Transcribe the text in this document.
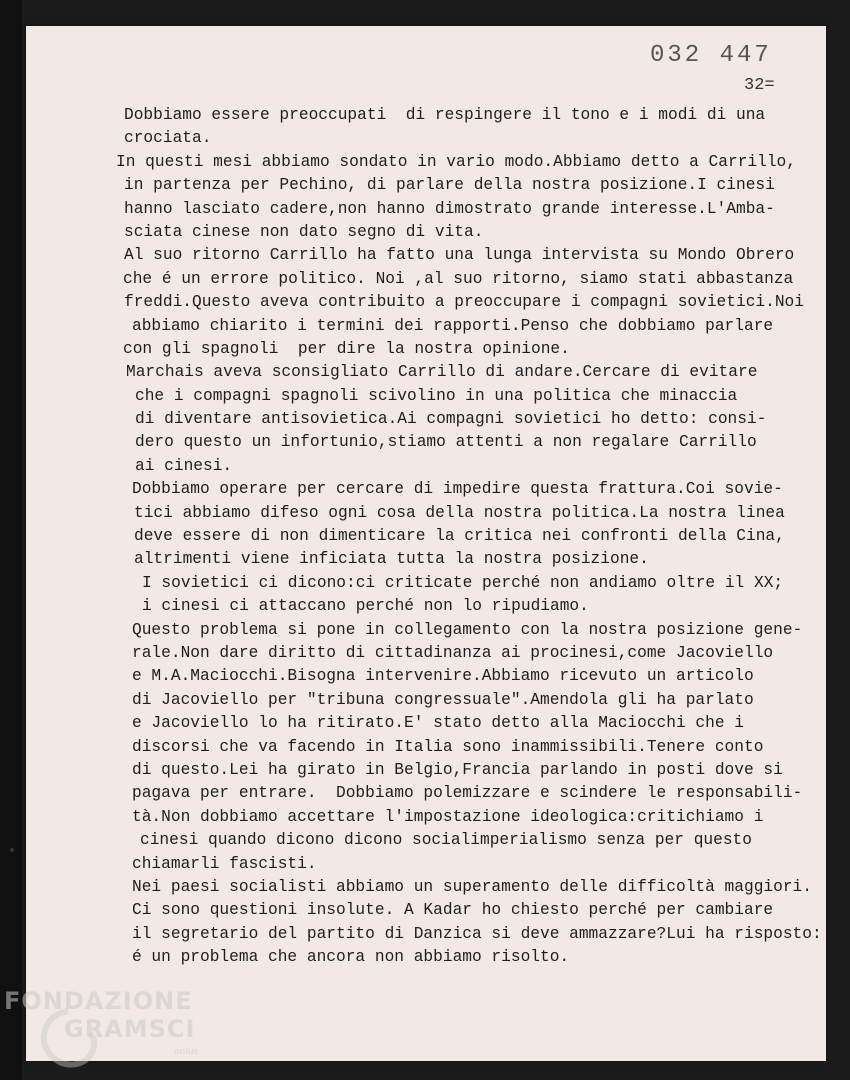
032 447
32=
Dobbiamo essere preoccupati  di respingere il tono e i modi di una
crociata.
In questi mesi abbiamo sondato in vario modo.Abbiamo detto a Carrillo,
in partenza per Pechino, di parlare della nostra posizione.I cinesi
hanno lasciato cadere,non hanno dimostrato grande interesse.L'Amba-
sciata cinese non dato segno di vita.
Al suo ritorno Carrillo ha fatto una lunga intervista su Mondo Obrero
che é un errore politico. Noi ,al suo ritorno, siamo stati abbastanza
freddi.Questo aveva contribuito a preoccupare i compagni sovietici.Noi
abbiamo chiarito i termini dei rapporti.Penso che dobbiamo parlare
con gli spagnoli  per dire la nostra opinione.
Marchais aveva sconsigliato Carrillo di andare.Cercare di evitare
che i compagni spagnoli scivolino in una politica che minaccia
di diventare antisovietica.Ai compagni sovietici ho detto: consi-
dero questo un infortunio,stiamo attenti a non regalare Carrillo
ai cinesi.
Dobbiamo operare per cercare di impedire questa frattura.Coi sovie-
tici abbiamo difeso ogni cosa della nostra politica.La nostra linea
deve essere di non dimenticare la critica nei confronti della Cina,
altrimenti viene inficiata tutta la nostra posizione.
I sovietici ci dicono:ci criticate perché non andiamo oltre il XX;
i cinesi ci attaccano perché non lo ripudiamo.
Questo problema si pone in collegamento con la nostra posizione gene-
rale.Non dare diritto di cittadinanza ai procinesi,come Jacoviello
e M.A.Maciocchi.Bisogna intervenire.Abbiamo ricevuto un articolo
di Jacoviello per "tribuna congressuale".Amendola gli ha parlato
e Jacoviello lo ha ritirato.E' stato detto alla Maciocchi che i
discorsi che va facendo in Italia sono inammissibili.Tenere conto
di questo.Lei ha girato in Belgio,Francia parlando in posti dove si
pagava per entrare.  Dobbiamo polemizzare e scindere le responsabili-
tà.Non dobbiamo accettare l'impostazione ideologica:critichiamo i
cinesi quando dicono dicono socialimperialismo senza per questo
chiamarli fascisti.
Nei paesi socialisti abbiamo un superamento delle difficoltà maggiori.
Ci sono questioni insolute. A Kadar ho chiesto perché per cambiare
il segretario del partito di Danzica si deve ammazzare?Lui ha risposto:
é un problema che ancora non abbiamo risolto.
FONDAZIONE
GRAMSCI
onlus
